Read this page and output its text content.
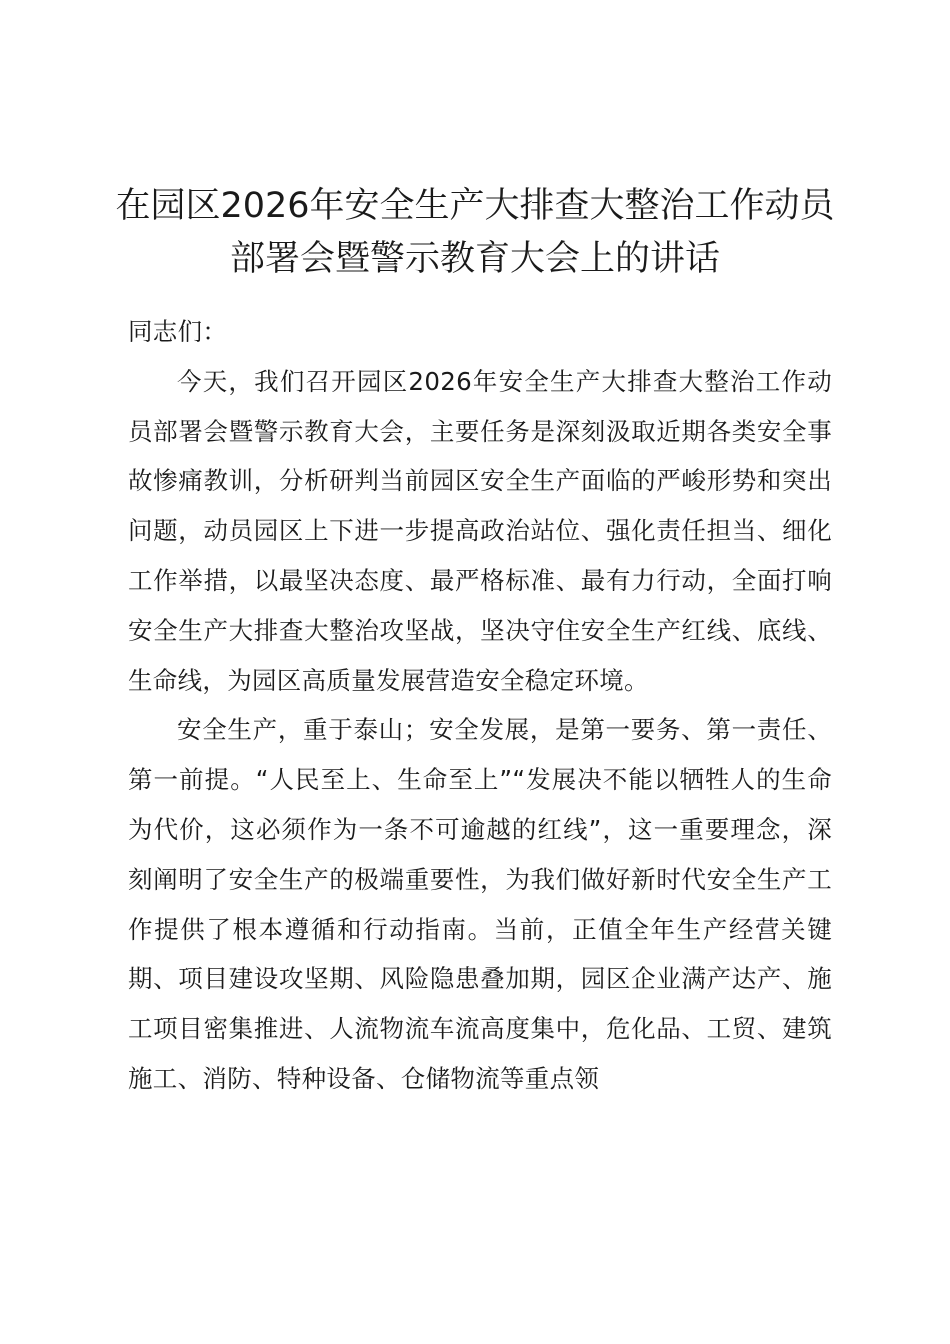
在园区2026年安全生产大排查大整治工作动员部署会暨警示教育大会上的讲话

同志们：

今天，我们召开园区2026年安全生产大排查大整治工作动员部署会暨警示教育大会，主要任务是深刻汲取近期各类安全事故惨痛教训，分析研判当前园区安全生产面临的严峻形势和突出问题，动员园区上下进一步提高政治站位、强化责任担当、细化工作举措，以最坚决态度、最严格标准、最有力行动，全面打响安全生产大排查大整治攻坚战，坚决守住安全生产红线、底线、生命线，为园区高质量发展营造安全稳定环境。

安全生产，重于泰山；安全发展，是第一要务、第一责任、第一前提。“人民至上、生命至上”“发展决不能以牺牲人的生命为代价，这必须作为一条不可逾越的红线”，这一重要理念，深刻阐明了安全生产的极端重要性，为我们做好新时代安全生产工作提供了根本遵循和行动指南。当前，正值全年生产经营关键期、项目建设攻坚期、风险隐患叠加期，园区企业满产达产、施工项目密集推进、人流物流车流高度集中，危化品、工贸、建筑施工、消防、特种设备、仓储物流等重点领
